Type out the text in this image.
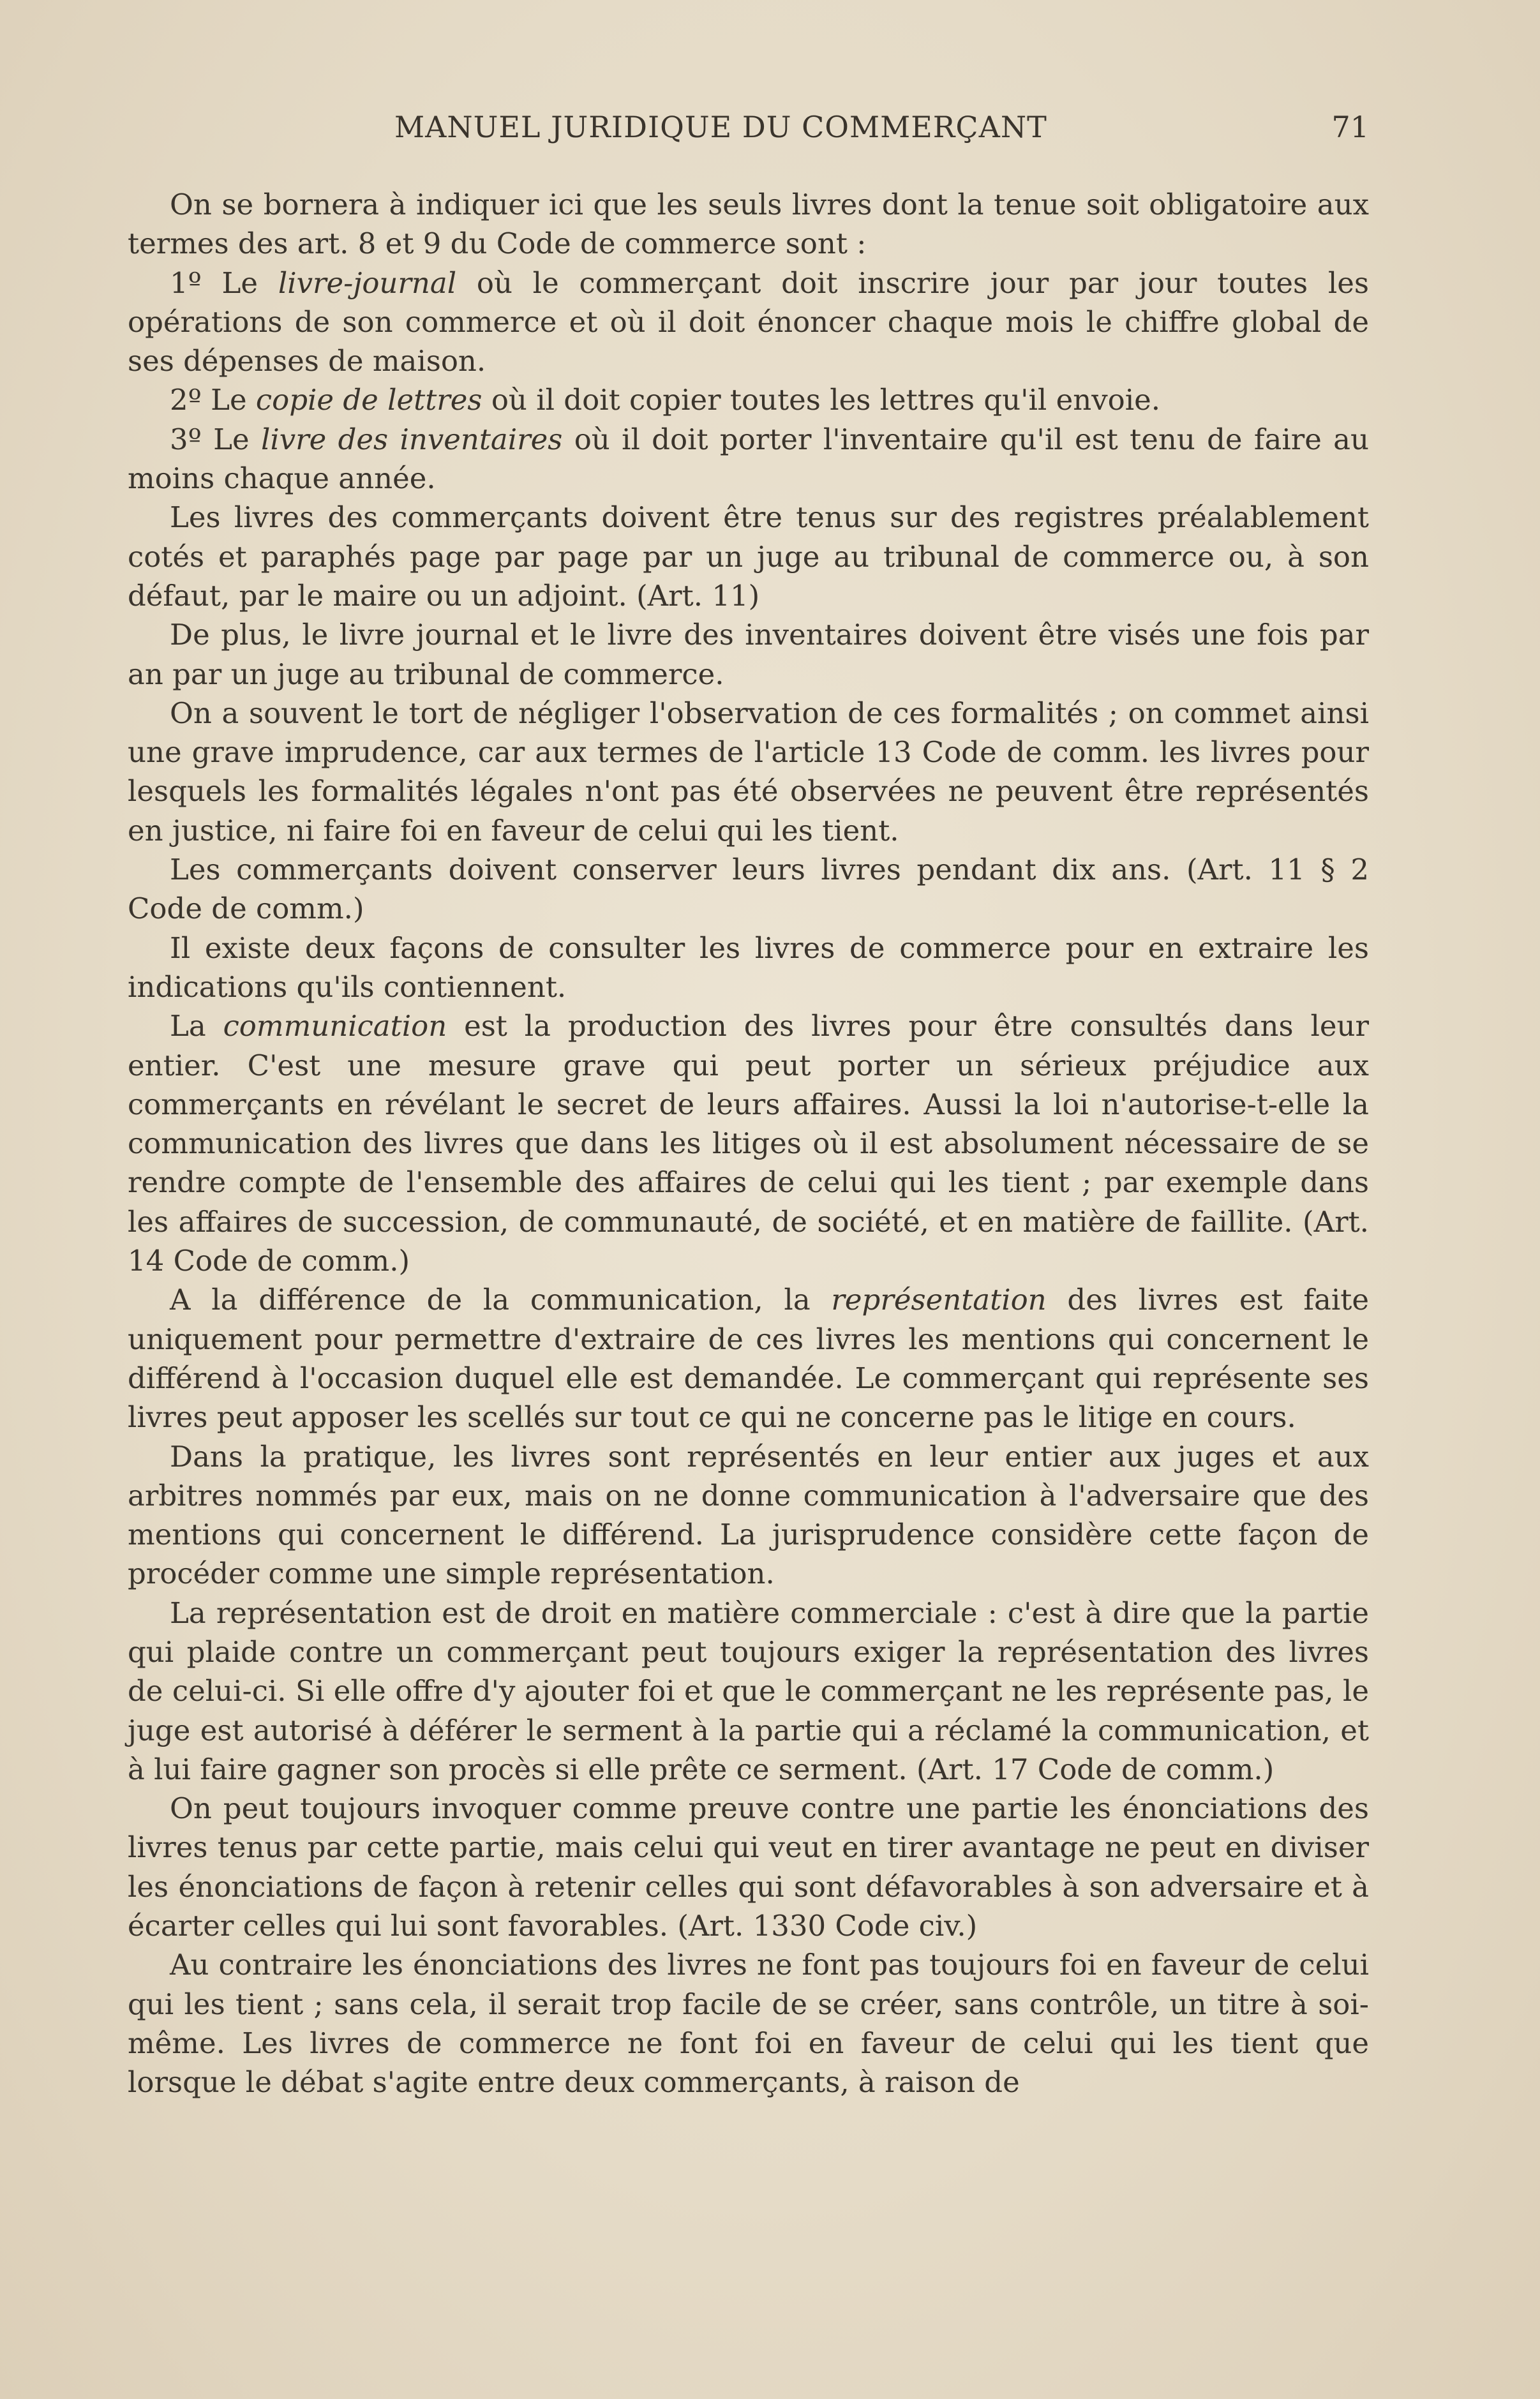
MANUEL JURIDIQUE DU COMMERÇANT	71

On se bornera à indiquer ici que les seuls livres dont la tenue soit obligatoire aux termes des art. 8 et 9 du Code de commerce sont :

1º Le livre-journal où le commerçant doit inscrire jour par jour toutes les opérations de son commerce et où il doit énoncer chaque mois le chiffre global de ses dépenses de maison.

2º Le copie de lettres où il doit copier toutes les lettres qu'il envoie.

3º Le livre des inventaires où il doit porter l'inventaire qu'il est tenu de faire au moins chaque année.

Les livres des commerçants doivent être tenus sur des registres préalablement cotés et paraphés page par page par un juge au tribunal de commerce ou, à son défaut, par le maire ou un adjoint. (Art. 11)

De plus, le livre journal et le livre des inventaires doivent être visés une fois par an par un juge au tribunal de commerce.

On a souvent le tort de négliger l'observation de ces formalités ; on commet ainsi une grave imprudence, car aux termes de l'article 13 Code de comm. les livres pour lesquels les formalités légales n'ont pas été observées ne peuvent être représentés en justice, ni faire foi en faveur de celui qui les tient.

Les commerçants doivent conserver leurs livres pendant dix ans. (Art. 11 § 2 Code de comm.)

Il existe deux façons de consulter les livres de commerce pour en extraire les indications qu'ils contiennent.

La communication est la production des livres pour être consultés dans leur entier. C'est une mesure grave qui peut porter un sérieux préjudice aux commerçants en révélant le secret de leurs affaires. Aussi la loi n'autorise-t-elle la communication des livres que dans les litiges où il est absolument nécessaire de se rendre compte de l'ensemble des affaires de celui qui les tient ; par exemple dans les affaires de succession, de communauté, de société, et en matière de faillite. (Art. 14 Code de comm.)

A la différence de la communication, la représentation des livres est faite uniquement pour permettre d'extraire de ces livres les mentions qui concernent le différend à l'occasion duquel elle est demandée. Le commerçant qui représente ses livres peut apposer les scellés sur tout ce qui ne concerne pas le litige en cours.

Dans la pratique, les livres sont représentés en leur entier aux juges et aux arbitres nommés par eux, mais on ne donne communication à l'adversaire que des mentions qui concernent le différend. La jurisprudence considère cette façon de procéder comme une simple représentation.

La représentation est de droit en matière commerciale : c'est à dire que la partie qui plaide contre un commerçant peut toujours exiger la représentation des livres de celui-ci. Si elle offre d'y ajouter foi et que le commerçant ne les représente pas, le juge est autorisé à déférer le serment à la partie qui a réclamé la communication, et à lui faire gagner son procès si elle prête ce serment. (Art. 17 Code de comm.)

On peut toujours invoquer comme preuve contre une partie les énonciations des livres tenus par cette partie, mais celui qui veut en tirer avantage ne peut en diviser les énonciations de façon à retenir celles qui sont défavorables à son adversaire et à écarter celles qui lui sont favorables. (Art. 1330 Code civ.)

Au contraire les énonciations des livres ne font pas toujours foi en faveur de celui qui les tient ; sans cela, il serait trop facile de se créer, sans contrôle, un titre à soi-même. Les livres de commerce ne font foi en faveur de celui qui les tient que lorsque le débat s'agite entre deux commerçants, à raison de
